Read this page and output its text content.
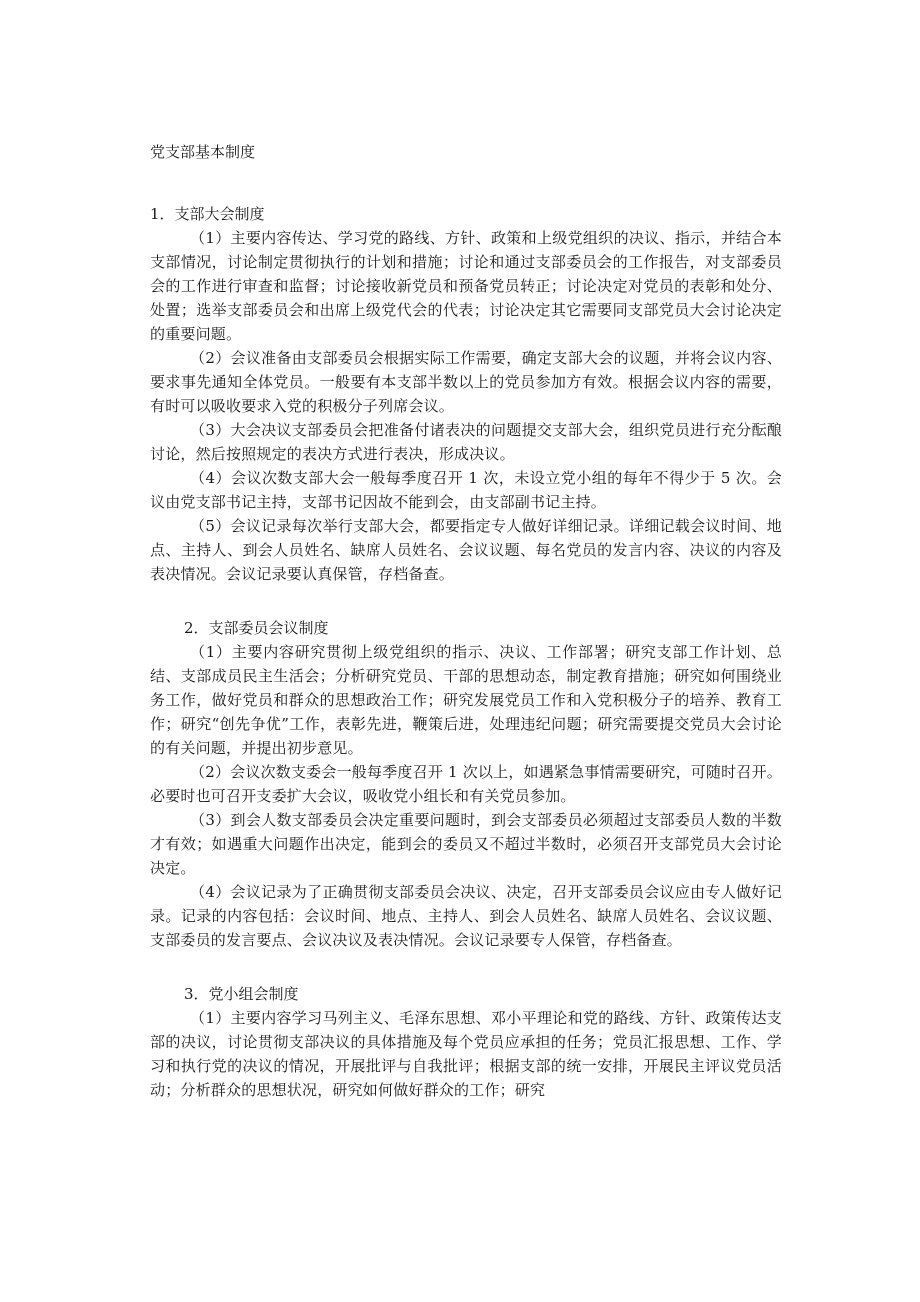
党支部基本制度

1．支部大会制度

（1）主要内容传达、学习党的路线、方针、政策和上级党组织的决议、指示，并结合本支部情况，讨论制定贯彻执行的计划和措施；讨论和通过支部委员会的工作报告，对支部委员会的工作进行审查和监督；讨论接收新党员和预备党员转正；讨论决定对党员的表彰和处分、处置；选举支部委员会和出席上级党代会的代表；讨论决定其它需要同支部党员大会讨论决定的重要问题。

（2）会议准备由支部委员会根据实际工作需要，确定支部大会的议题，并将会议内容、要求事先通知全体党员。一般要有本支部半数以上的党员参加方有效。根据会议内容的需要，有时可以吸收要求入党的积极分子列席会议。

（3）大会决议支部委员会把准备付诸表决的问题提交支部大会，组织党员进行充分酝酿讨论，然后按照规定的表决方式进行表决，形成决议。

（4）会议次数支部大会一般每季度召开 1 次，未设立党小组的每年不得少于 5 次。会议由党支部书记主持，支部书记因故不能到会，由支部副书记主持。

（5）会议记录每次举行支部大会，都要指定专人做好详细记录。详细记载会议时间、地点、主持人、到会人员姓名、缺席人员姓名、会议议题、每名党员的发言内容、决议的内容及表决情况。会议记录要认真保管，存档备查。

2．支部委员会议制度

（1）主要内容研究贯彻上级党组织的指示、决议、工作部署；研究支部工作计划、总结、支部成员民主生活会；分析研究党员、干部的思想动态，制定教育措施；研究如何围绕业务工作，做好党员和群众的思想政治工作；研究发展党员工作和入党积极分子的培养、教育工作；研究“创先争优”工作，表彰先进，鞭策后进，处理违纪问题；研究需要提交党员大会讨论的有关问题，并提出初步意见。

（2）会议次数支委会一般每季度召开 1 次以上，如遇紧急事情需要研究，可随时召开。必要时也可召开支委扩大会议，吸收党小组长和有关党员参加。

（3）到会人数支部委员会决定重要问题时，到会支部委员必须超过支部委员人数的半数才有效；如遇重大问题作出决定，能到会的委员又不超过半数时，必须召开支部党员大会讨论决定。

（4）会议记录为了正确贯彻支部委员会决议、决定，召开支部委员会议应由专人做好记录。记录的内容包括：会议时间、地点、主持人、到会人员姓名、缺席人员姓名、会议议题、支部委员的发言要点、会议决议及表决情况。会议记录要专人保管，存档备查。

3．党小组会制度

（1）主要内容学习马列主义、毛泽东思想、邓小平理论和党的路线、方针、政策传达支部的决议，讨论贯彻支部决议的具体措施及每个党员应承担的任务；党员汇报思想、工作、学习和执行党的决议的情况，开展批评与自我批评；根据支部的统一安排，开展民主评议党员活动；分析群众的思想状况，研究如何做好群众的工作；研究
